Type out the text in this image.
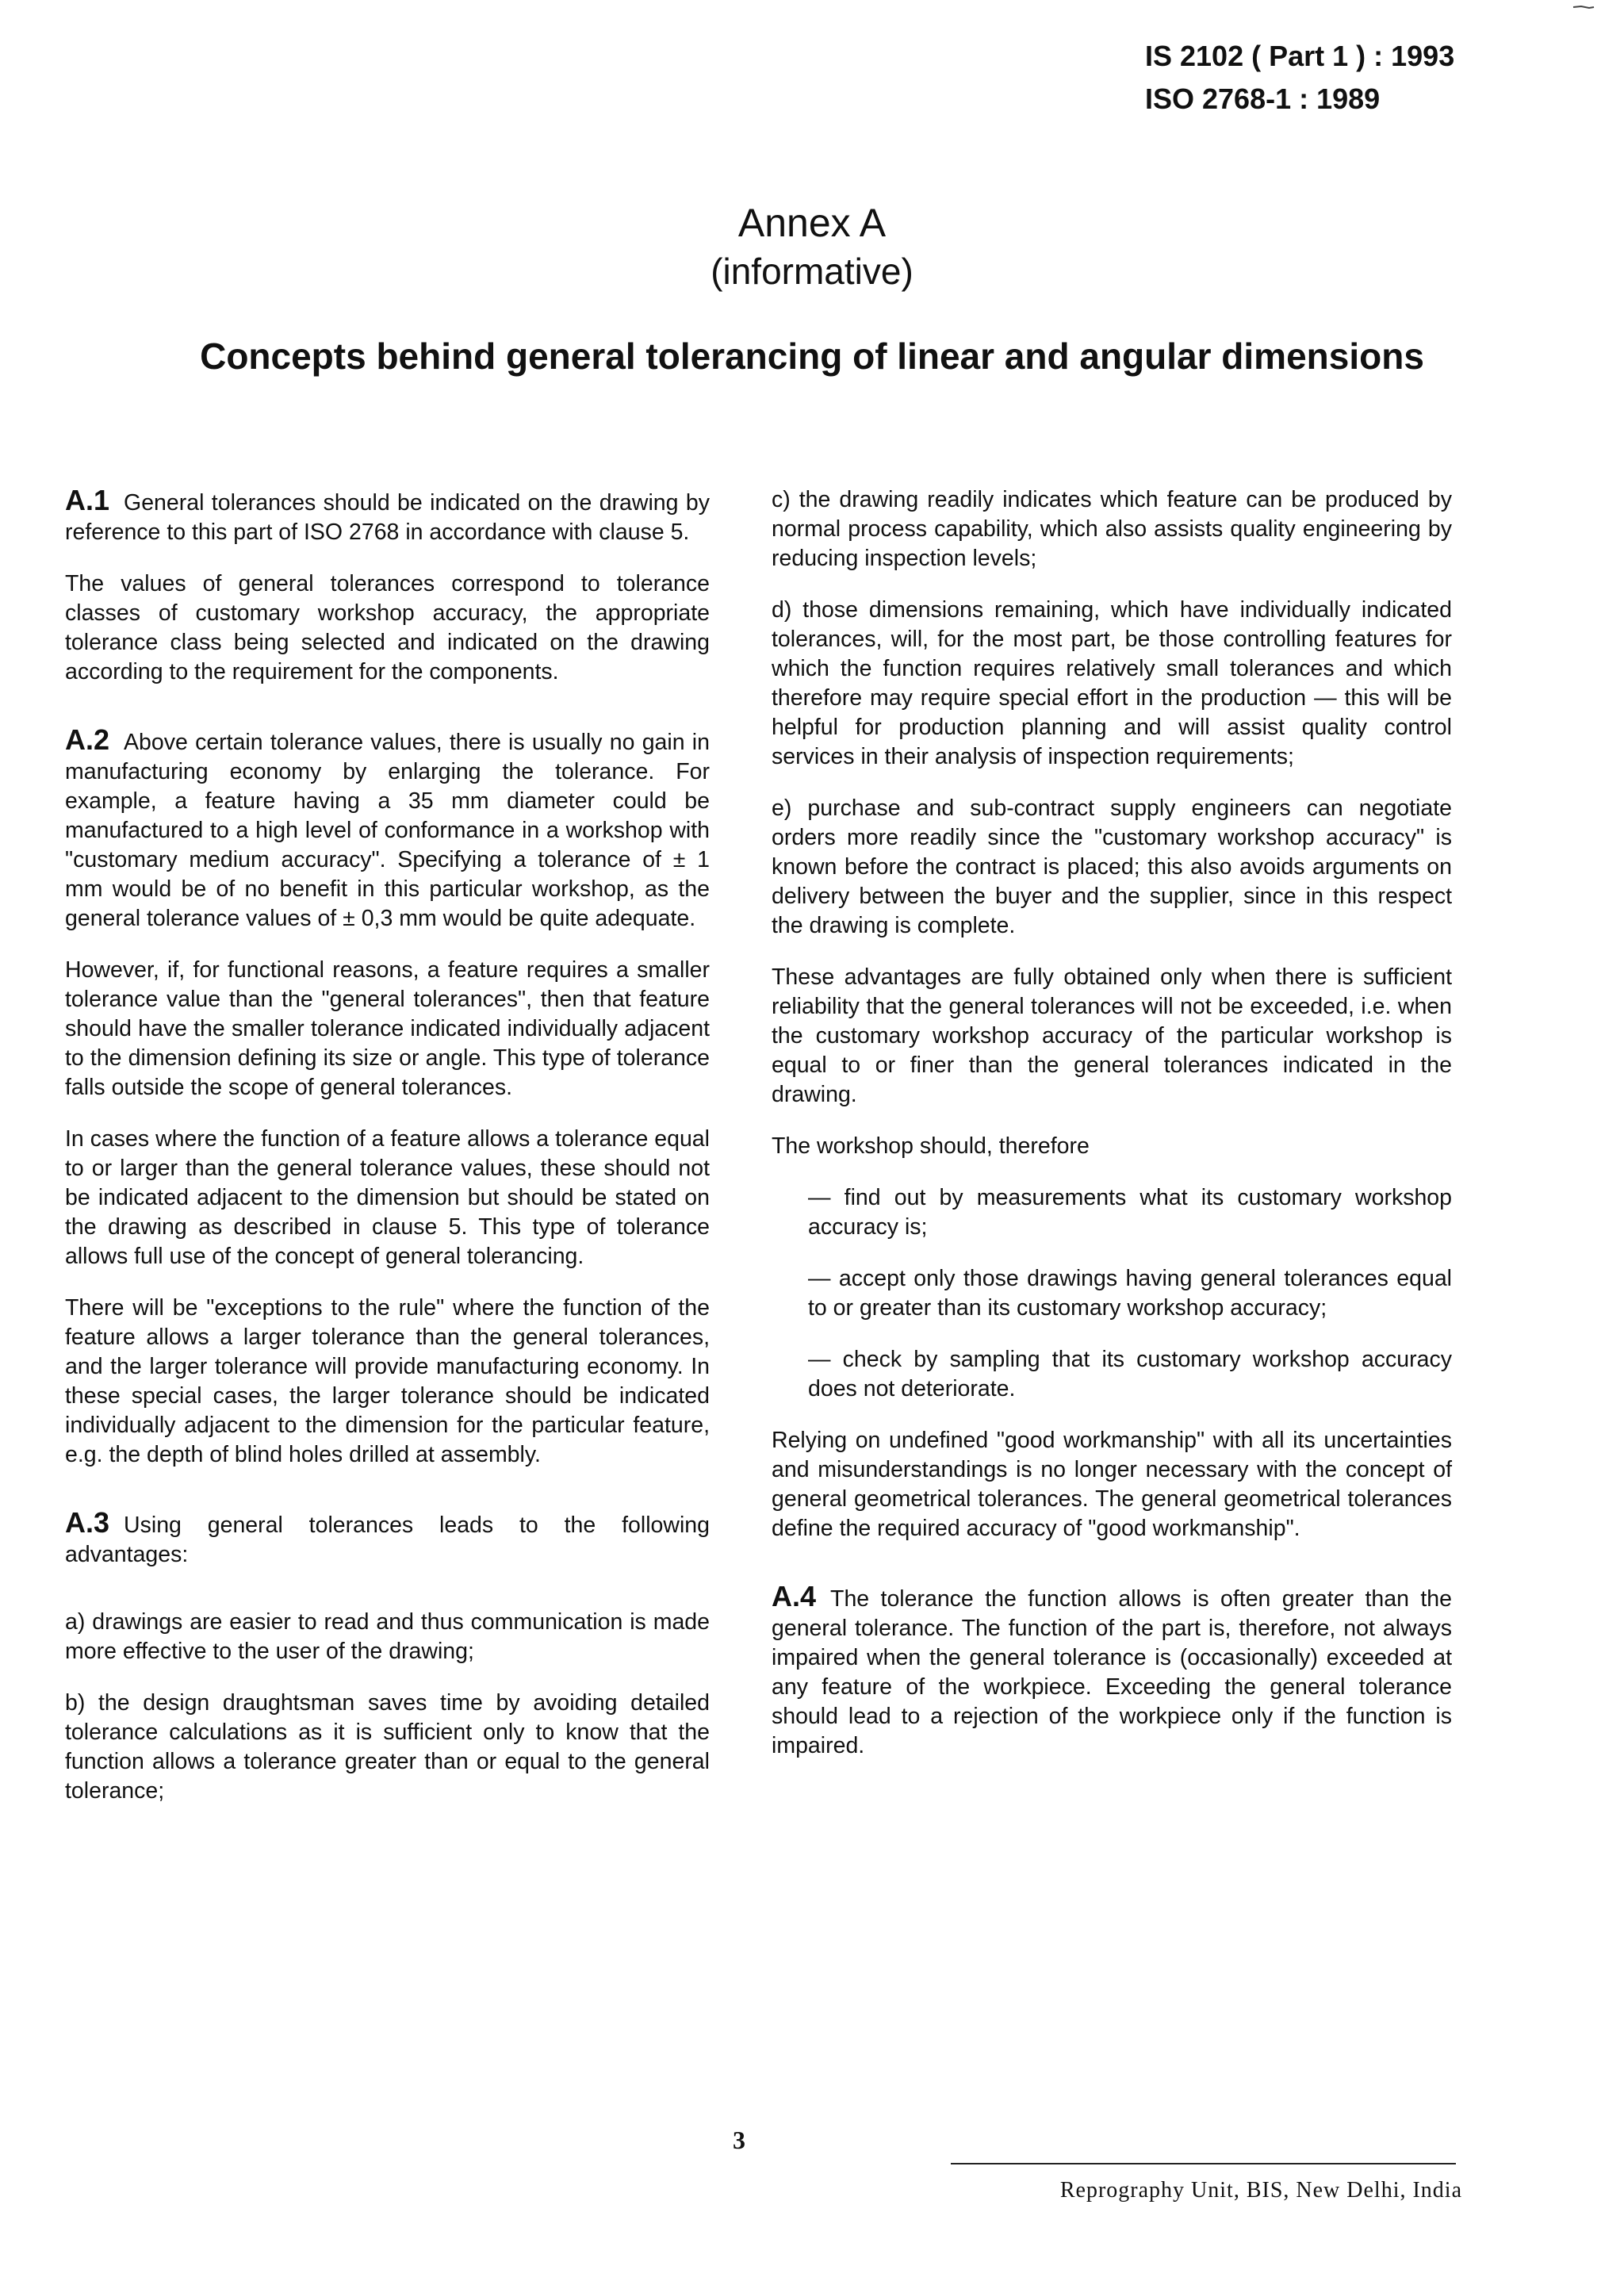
IS 2102 ( Part 1 ) : 1993
ISO 2768-1 : 1989
Annex A
(informative)
Concepts behind general tolerancing of linear and angular dimensions

A.1 General tolerances should be indicated on the drawing by reference to this part of ISO 2768 in accordance with clause 5.

The values of general tolerances correspond to tolerance classes of customary workshop accuracy, the appropriate tolerance class being selected and indicated on the drawing according to the requirement for the components.

A.2 Above certain tolerance values, there is usually no gain in manufacturing economy by enlarging the tolerance. For example, a feature having a 35 mm diameter could be manufactured to a high level of conformance in a workshop with "customary medium accuracy". Specifying a tolerance of ± 1 mm would be of no benefit in this particular workshop, as the general tolerance values of ± 0,3 mm would be quite adequate.

However, if, for functional reasons, a feature requires a smaller tolerance value than the "general tolerances", then that feature should have the smaller tolerance indicated individually adjacent to the dimension defining its size or angle. This type of tolerance falls outside the scope of general tolerances.

In cases where the function of a feature allows a tolerance equal to or larger than the general tolerance values, these should not be indicated adjacent to the dimension but should be stated on the drawing as described in clause 5. This type of tolerance allows full use of the concept of general tolerancing.

There will be "exceptions to the rule" where the function of the feature allows a larger tolerance than the general tolerances, and the larger tolerance will provide manufacturing economy. In these special cases, the larger tolerance should be indicated individually adjacent to the dimension for the particular feature, e.g. the depth of blind holes drilled at assembly.

A.3 Using general tolerances leads to the following advantages:

a) drawings are easier to read and thus communication is made more effective to the user of the drawing;

b) the design draughtsman saves time by avoiding detailed tolerance calculations as it is sufficient only to know that the function allows a tolerance greater than or equal to the general tolerance;

c) the drawing readily indicates which feature can be produced by normal process capability, which also assists quality engineering by reducing inspection levels;

d) those dimensions remaining, which have individually indicated tolerances, will, for the most part, be those controlling features for which the function requires relatively small tolerances and which therefore may require special effort in the production — this will be helpful for production planning and will assist quality control services in their analysis of inspection requirements;

e) purchase and sub-contract supply engineers can negotiate orders more readily since the "customary workshop accuracy" is known before the contract is placed; this also avoids arguments on delivery between the buyer and the supplier, since in this respect the drawing is complete.

These advantages are fully obtained only when there is sufficient reliability that the general tolerances will not be exceeded, i.e. when the customary workshop accuracy of the particular workshop is equal to or finer than the general tolerances indicated in the drawing.

The workshop should, therefore

— find out by measurements what its customary workshop accuracy is;

— accept only those drawings having general tolerances equal to or greater than its customary workshop accuracy;

— check by sampling that its customary workshop accuracy does not deteriorate.

Relying on undefined "good workmanship" with all its uncertainties and misunderstandings is no longer necessary with the concept of general geometrical tolerances. The general geometrical tolerances define the required accuracy of "good workmanship".

A.4 The tolerance the function allows is often greater than the general tolerance. The function of the part is, therefore, not always impaired when the general tolerance is (occasionally) exceeded at any feature of the workpiece. Exceeding the general tolerance should lead to a rejection of the workpiece only if the function is impaired.

3
Reprography Unit, BIS, New Delhi, India
